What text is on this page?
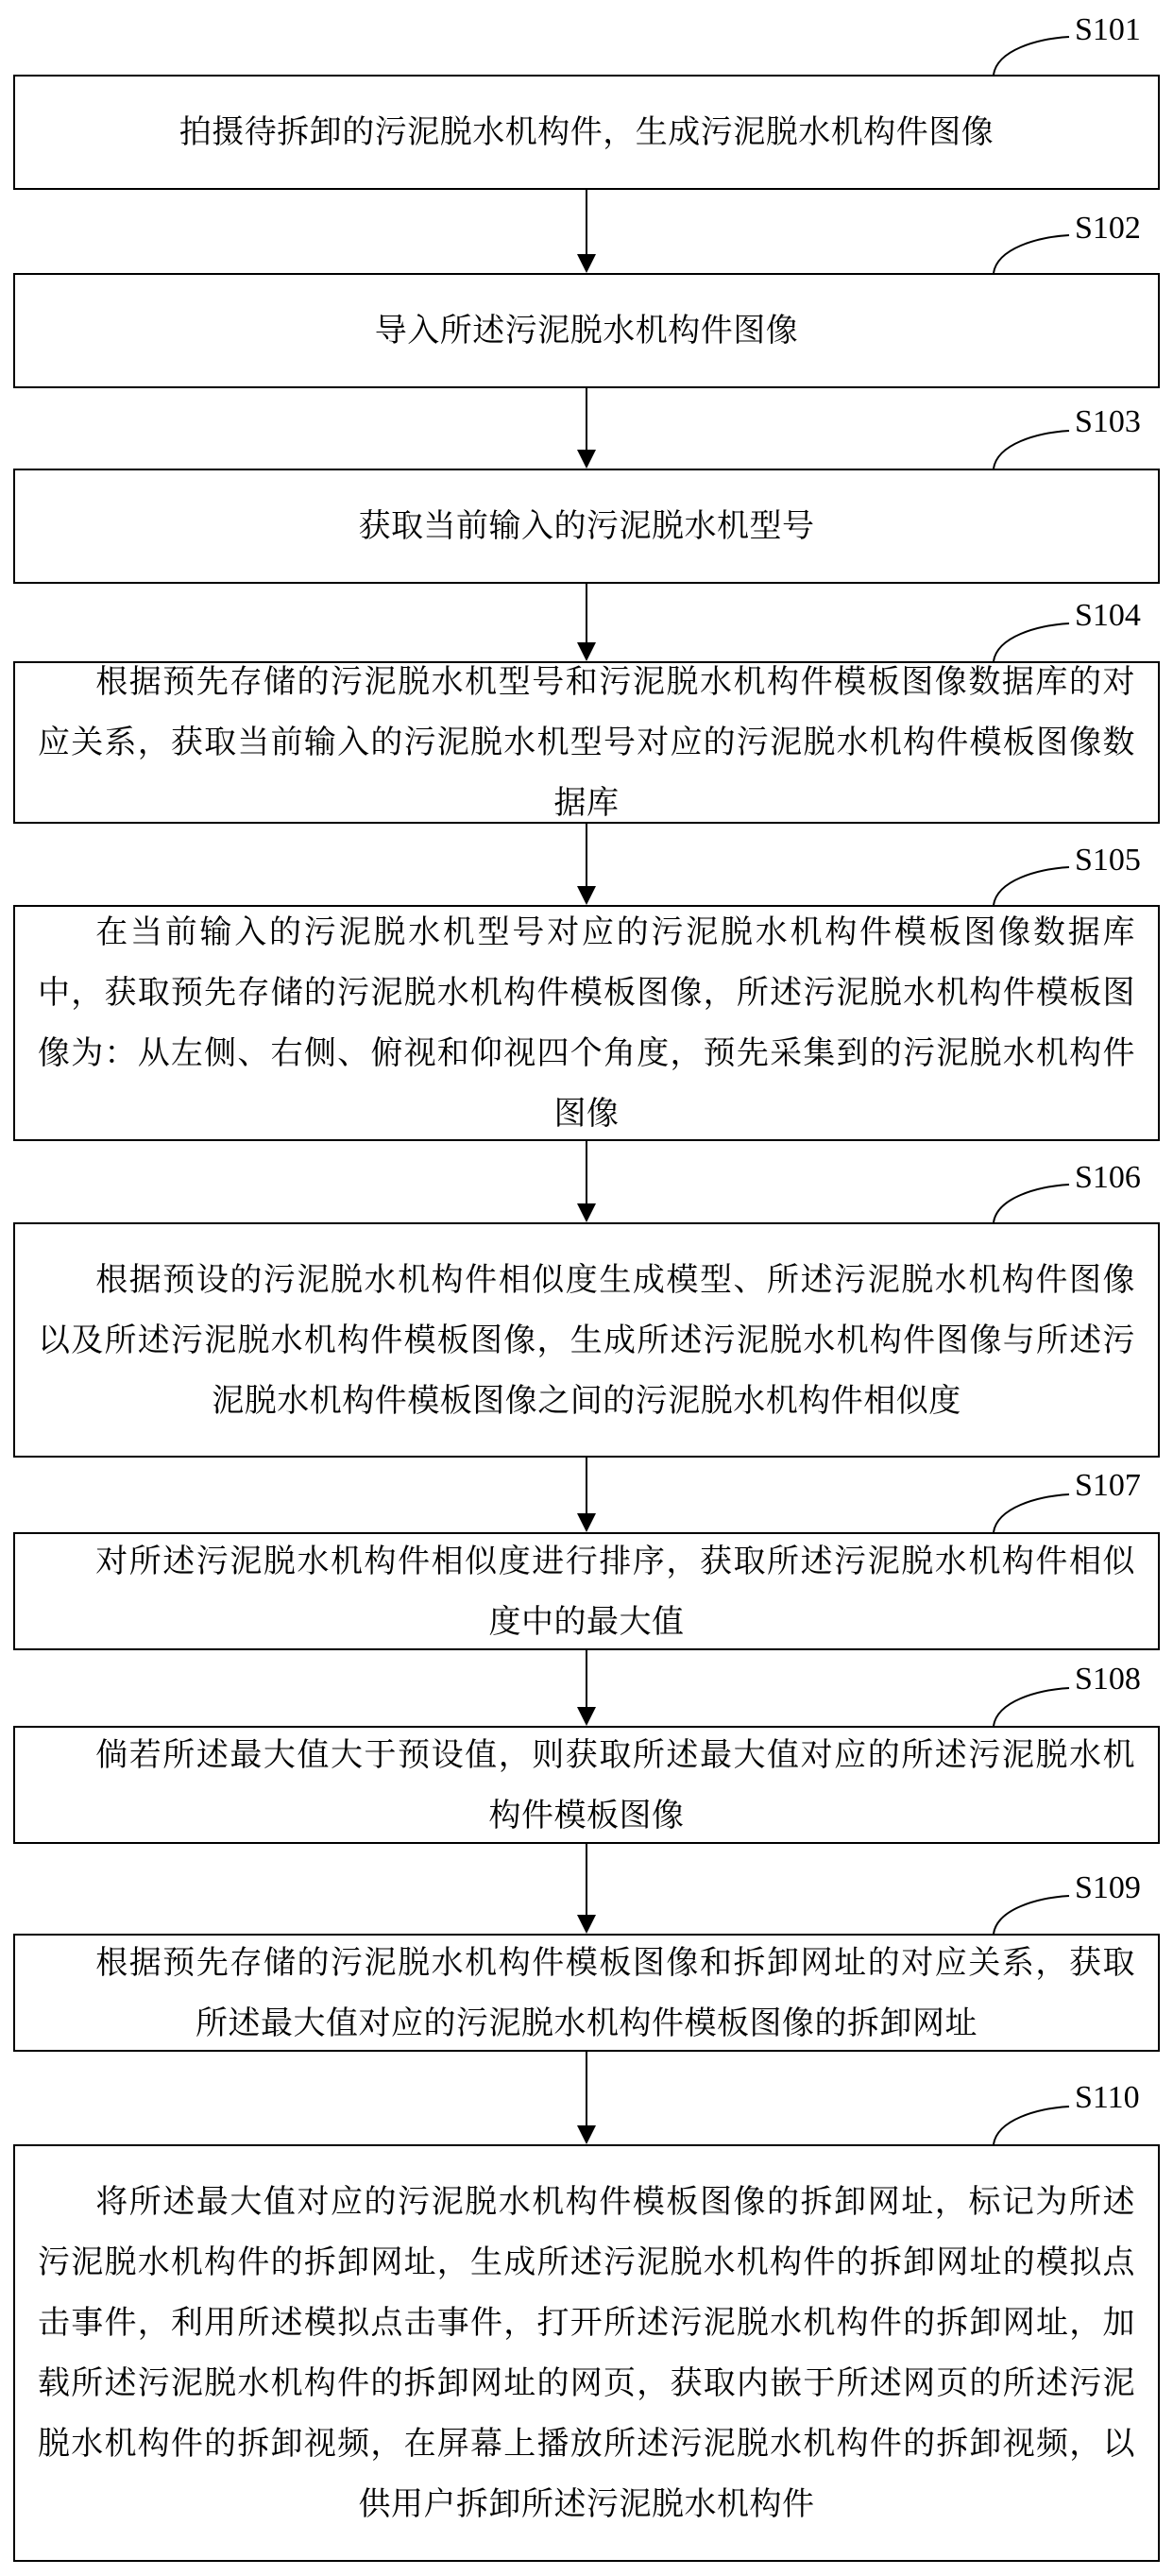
拍摄待拆卸的污泥脱水机构件，生成污泥脱水机构件图像
导入所述污泥脱水机构件图像
获取当前输入的污泥脱水机型号
根据预先存储的污泥脱水机型号和污泥脱水机构件模板图像数据库的对应关系，获取当前输入的污泥脱水机型号对应的污泥脱水机构件模板图像数据库
在当前输入的污泥脱水机型号对应的污泥脱水机构件模板图像数据库中，获取预先存储的污泥脱水机构件模板图像，所述污泥脱水机构件模板图像为：从左侧、右侧、俯视和仰视四个角度，预先采集到的污泥脱水机构件图像
根据预设的污泥脱水机构件相似度生成模型、所述污泥脱水机构件图像以及所述污泥脱水机构件模板图像，生成所述污泥脱水机构件图像与所述污泥脱水机构件模板图像之间的污泥脱水机构件相似度
对所述污泥脱水机构件相似度进行排序，获取所述污泥脱水机构件相似度中的最大值
倘若所述最大值大于预设值，则获取所述最大值对应的所述污泥脱水机构件模板图像
根据预先存储的污泥脱水机构件模板图像和拆卸网址的对应关系，获取所述最大值对应的污泥脱水机构件模板图像的拆卸网址
将所述最大值对应的污泥脱水机构件模板图像的拆卸网址，标记为所述污泥脱水机构件的拆卸网址，生成所述污泥脱水机构件的拆卸网址的模拟点击事件，利用所述模拟点击事件，打开所述污泥脱水机构件的拆卸网址，加载所述污泥脱水机构件的拆卸网址的网页，获取内嵌于所述网页的所述污泥脱水机构件的拆卸视频，在屏幕上播放所述污泥脱水机构件的拆卸视频，以供用户拆卸所述污泥脱水机构件
S101
S102
S103
S104
S105
S106
S107
S108
S109
S110
